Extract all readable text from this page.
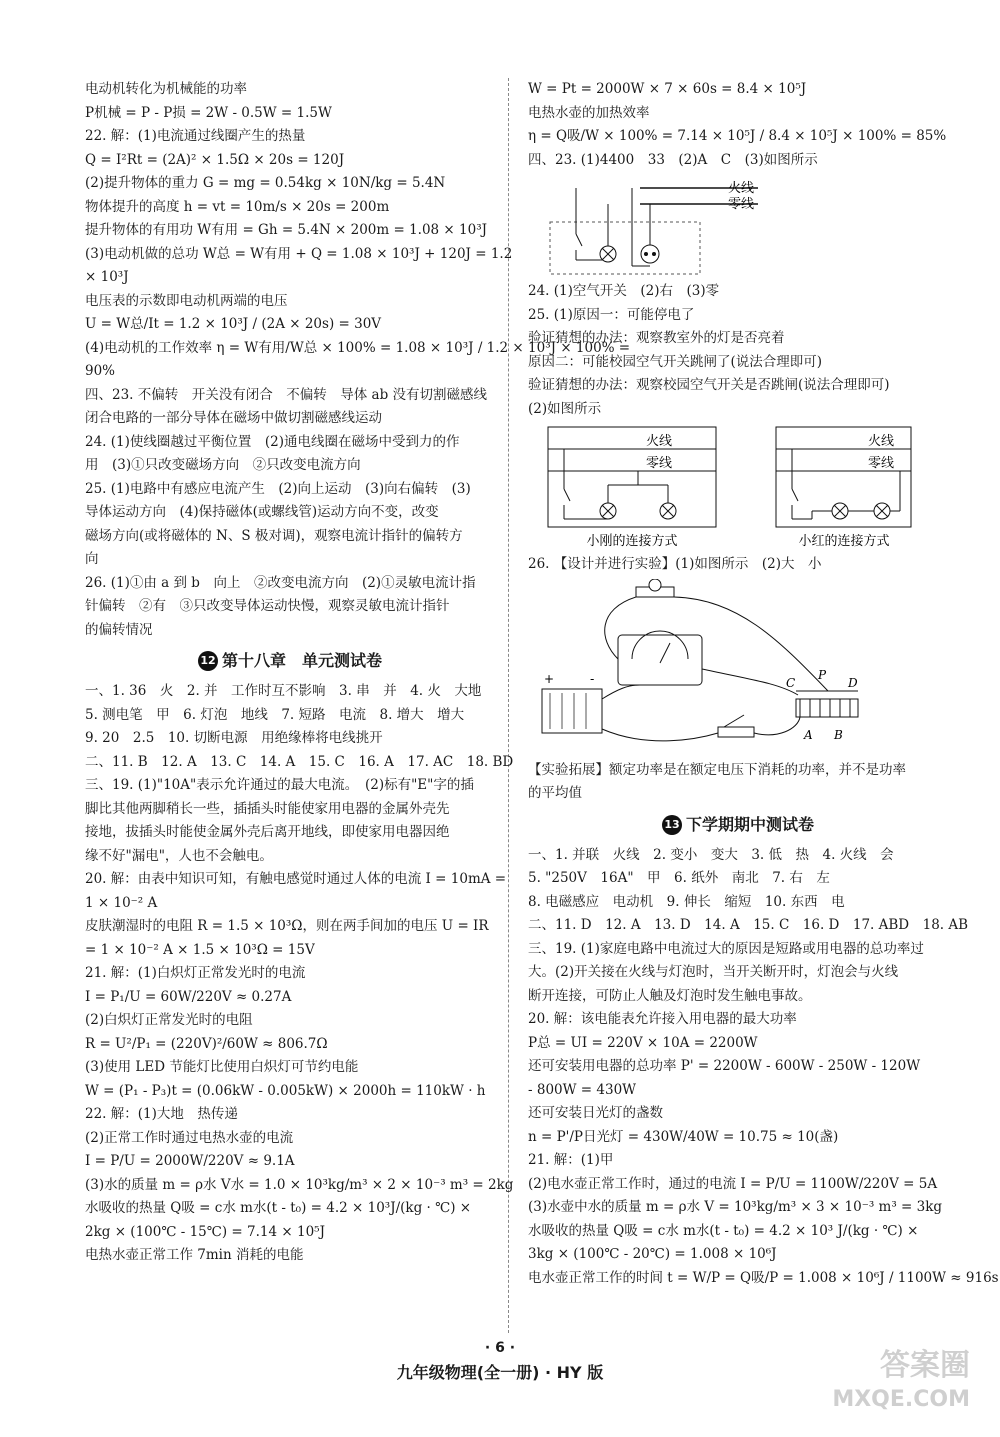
电动机转化为机械能的功率
P机械 = P - P损 = 2W - 0.5W = 1.5W
22. 解：(1)电流通过线圈产生的热量
Q = I²Rt = (2A)² × 1.5Ω × 20s = 120J
(2)提升物体的重力 G = mg = 0.54kg × 10N/kg = 5.4N
物体提升的高度 h = vt = 10m/s × 20s = 200m
提升物体的有用功 W有用 = Gh = 5.4N × 200m = 1.08 × 10³J
(3)电动机做的总功 W总 = W有用 + Q = 1.08 × 10³J + 120J = 1.2
× 10³J
电压表的示数即电动机两端的电压
U = W总/It = 1.2 × 10³J / (2A × 20s) = 30V
(4)电动机的工作效率 η = W有用/W总 × 100% = 1.08 × 10³J / 1.2 × 10³J × 100% =
90%
四、23. 不偏转　开关没有闭合　不偏转　导体 ab 没有切割磁感线
闭合电路的一部分导体在磁场中做切割磁感线运动
24. (1)使线圈越过平衡位置　(2)通电线圈在磁场中受到力的作
用　(3)①只改变磁场方向　②只改变电流方向
25. (1)电路中有感应电流产生　(2)向上运动　(3)向右偏转　(3)
导体运动方向　(4)保持磁体(或螺线管)运动方向不变，改变
磁场方向(或将磁体的 N、S 极对调)，观察电流计指针的偏转方
向
26. (1)①由 a 到 b　向上　②改变电流方向　(2)①灵敏电流计指
针偏转　②有　③只改变导体运动快慢，观察灵敏电流计指针
的偏转情况
12 第十八章　单元测试卷
一、1. 36　火　2. 并　工作时互不影响　3. 串　并　4. 火　大地
5. 测电笔　甲　6. 灯泡　地线　7. 短路　电流　8. 增大　增大
9. 20　2.5　10. 切断电源　用绝缘棒将电线挑开
二、11. B　12. A　13. C　14. A　15. C　16. A　17. AC　18. BD
三、19. (1)"10A"表示允许通过的最大电流。　(2)标有"E"字的插
脚比其他两脚稍长一些，插插头时能使家用电器的金属外壳先
接地，拔插头时能使金属外壳后离开地线，即使家用电器因绝
缘不好"漏电"，人也不会触电。
20. 解：由表中知识可知，有触电感觉时通过人体的电流 I = 10mA =
1 × 10⁻² A
皮肤潮湿时的电阻 R = 1.5 × 10³Ω，则在两手间加的电压 U = IR
= 1 × 10⁻² A × 1.5 × 10³Ω = 15V
21. 解：(1)白炽灯正常发光时的电流
I = P₁/U = 60W/220V ≈ 0.27A
(2)白炽灯正常发光时的电阻
R = U²/P₁ = (220V)²/60W ≈ 806.7Ω
(3)使用 LED 节能灯比使用白炽灯可节约电能
W = (P₁ - P₃)t = (0.06kW - 0.005kW) × 2000h = 110kW · h
22. 解：(1)大地　热传递
(2)正常工作时通过电热水壶的电流
I = P/U = 2000W/220V ≈ 9.1A
(3)水的质量 m = ρ水 V水 = 1.0 × 10³kg/m³ × 2 × 10⁻³ m³ = 2kg
水吸收的热量 Q吸 = c水 m水(t - t₀) = 4.2 × 10³J/(kg · ℃) ×
2kg × (100℃ - 15℃) = 7.14 × 10⁵J
电热水壶正常工作 7min 消耗的电能
W = Pt = 2000W × 7 × 60s = 8.4 × 10⁵J
电热水壶的加热效率
η = Q吸/W × 100% = 7.14 × 10⁵J / 8.4 × 10⁵J × 100% = 85%
四、23. (1)4400　33　(2)A　C　(3)如图所示
火线
零线
24. (1)空气开关　(2)右　(3)零
25. (1)原因一：可能停电了
验证猜想的办法：观察教室外的灯是否亮着
原因二：可能校园空气开关跳闸了(说法合理即可)
验证猜想的办法：观察校园空气开关是否跳闸(说法合理即可)
(2)如图所示
火线
零线
小刚的连接方式
火线
零线
小红的连接方式
26. 【设计并进行实验】(1)如图所示　(2)大　小
+	-	C
P
D
A B
【实验拓展】额定功率是在额定电压下消耗的功率，并不是功率
的平均值
13 下学期期中测试卷
一、1. 并联　火线　2. 变小　变大　3. 低　热　4. 火线　会
5. "250V　16A"　甲　6. 纸外　南北　7. 右　左
8. 电磁感应　电动机　9. 伸长　缩短　10. 东西　电
二、11. D　12. A　13. D　14. A　15. C　16. D　17. ABD　18. AB
三、19. (1)家庭电路中电流过大的原因是短路或用电器的总功率过
大。(2)开关接在火线与灯泡时，当开关断开时，灯泡会与火线
断开连接，可防止人触及灯泡时发生触电事故。
20. 解：该电能表允许接入用电器的最大功率
P总 = UI = 220V × 10A = 2200W
还可安装用电器的总功率 P' = 2200W - 600W - 250W - 120W
- 800W = 430W
还可安装日光灯的盏数
n = P'/P日光灯 = 430W/40W = 10.75 ≈ 10(盏)
21. 解：(1)甲
(2)电水壶正常工作时，通过的电流 I = P/U = 1100W/220V = 5A
(3)水壶中水的质量 m = ρ水 V = 10³kg/m³ × 3 × 10⁻³ m³ = 3kg
水吸收的热量 Q吸 = c水 m水(t - t₀) = 4.2 × 10³ J/(kg · ℃) ×
3kg × (100℃ - 20℃) = 1.008 × 10⁶J
电水壶正常工作的时间 t = W/P = Q吸/P = 1.008 × 10⁶J / 1100W ≈ 916s
· 6 ·
九年级物理(全一册) · HY 版	答案圈
MXQE.COM
